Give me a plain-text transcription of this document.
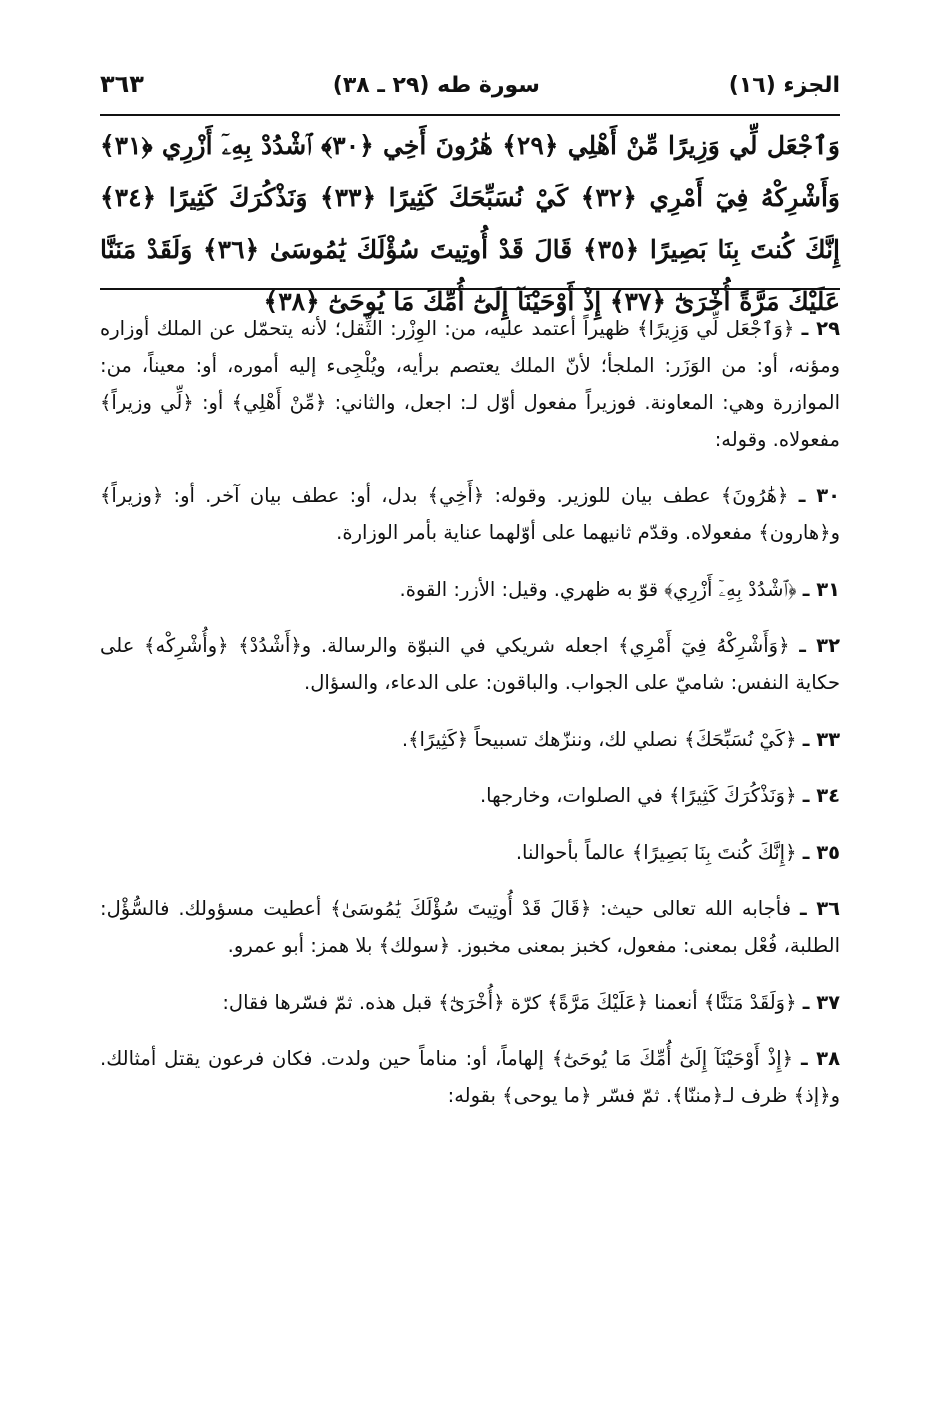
الجزء (١٦)
سورة طه (٢٩ ـ ٣٨)
٣٦٣
وَٱجْعَل لِّي وَزِيرًا مِّنْ أَهْلِي ﴿٢٩﴾ هَٰرُونَ أَخِي ﴿٣٠﴾ ٱشْدُدْ بِهِۦٓ أَزْرِي ﴿٣١﴾ وَأَشْرِكْهُ فِيٓ أَمْرِي ﴿٣٢﴾ كَيْ نُسَبِّحَكَ كَثِيرًا ﴿٣٣﴾ وَنَذْكُرَكَ كَثِيرًا ﴿٣٤﴾ إِنَّكَ كُنتَ بِنَا بَصِيرًا ﴿٣٥﴾ قَالَ قَدْ أُوتِيتَ سُؤْلَكَ يَٰمُوسَىٰ ﴿٣٦﴾ وَلَقَدْ مَنَنَّا عَلَيْكَ مَرَّةً أُخْرَىٰٓ ﴿٣٧﴾ إِذْ أَوْحَيْنَآ إِلَىٰٓ أُمِّكَ مَا يُوحَىٰٓ ﴿٣٨﴾

٢٩ ـ ﴿وَٱجْعَل لِّي وَزِيرًا﴾ ظهيراً أعتمد عليه، من: الوِزْر: الثِّقل؛ لأنه يتحمّل عن الملك أوزاره ومؤنه، أو: من الوَزَر: الملجأ؛ لأنّ الملك يعتصم برأيه، ويُلْجِىء إليه أموره، أو: معيناً، من: الموازرة وهي: المعاونة. فوزيراً مفعول أوّل لـ: اجعل، والثاني: ﴿مِّنْ أَهْلِي﴾ أو: ﴿لِّي وزيراً﴾ مفعولاه. وقوله:

٣٠ ـ ﴿هَٰرُونَ﴾ عطف بيان للوزير. وقوله: ﴿أَخِي﴾ بدل، أو: عطف بيان آخر. أو: ﴿وزيراً﴾ و﴿هارون﴾ مفعولاه. وقدّم ثانيهما على أوّلهما عناية بأمر الوزارة.

٣١ ـ ﴿ٱشْدُدْ بِهِۦٓ أَزْرِي﴾ قوّ به ظهري. وقيل: الأزر: القوة.

٣٢ ـ ﴿وَأَشْرِكْهُ فِيٓ أَمْرِي﴾ اجعله شريكي في النبوّة والرسالة. و﴿أَشْدُدْ﴾ ﴿وأُشْرِكْه﴾ على حكاية النفس: شاميّ على الجواب. والباقون: على الدعاء، والسؤال.

٣٣ ـ ﴿كَيْ نُسَبِّحَكَ﴾ نصلي لك، وننزّهك تسبيحاً ﴿كَثِيرًا﴾.

٣٤ ـ ﴿وَنَذْكُرَكَ كَثِيرًا﴾ في الصلوات، وخارجها.

٣٥ ـ ﴿إِنَّكَ كُنتَ بِنَا بَصِيرًا﴾ عالماً بأحوالنا.

٣٦ ـ فأجابه الله تعالى حيث: ﴿قَالَ قَدْ أُوتِيتَ سُؤْلَكَ يَٰمُوسَىٰ﴾ أعطيت مسؤولك. فالسُّؤْل: الطلبة، فُعْل بمعنى: مفعول، كخبز بمعنى مخبوز. ﴿سولك﴾ بلا همز: أبو عمرو.

٣٧ ـ ﴿وَلَقَدْ مَنَنَّا﴾ أنعمنا ﴿عَلَيْكَ مَرَّةً﴾ كرّة ﴿أُخْرَىٰٓ﴾ قبل هذه. ثمّ فسّرها فقال:

٣٨ ـ ﴿إِذْ أَوْحَيْنَآ إِلَىٰٓ أُمِّكَ مَا يُوحَىٰٓ﴾ إلهاماً، أو: مناماً حين ولدت. فكان فرعون يقتل أمثالك. و﴿إذ﴾ ظرف لـ﴿مننّا﴾. ثمّ فسّر ﴿ما يوحى﴾ بقوله:
